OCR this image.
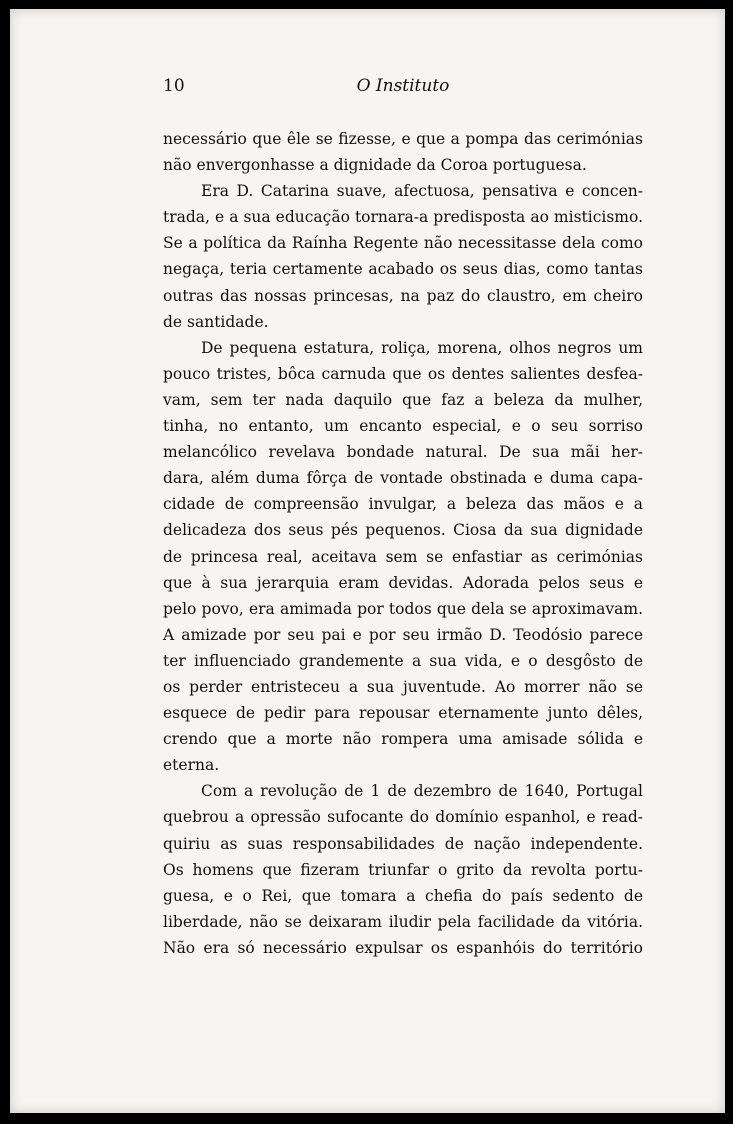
10	O Instituto
necessário que êle se fizesse, e que a pompa das cerimónias
não envergonhasse a dignidade da Coroa portuguesa.
Era D. Catarina suave, afectuosa, pensativa e concen-
trada, e a sua educação tornara-a predisposta ao misticismo.
Se a política da Raínha Regente não necessitasse dela como
negaça, teria certamente acabado os seus dias, como tantas
outras das nossas princesas, na paz do claustro, em cheiro
de santidade.
De pequena estatura, roliça, morena, olhos negros um
pouco tristes, bôca carnuda que os dentes salientes desfea-
vam, sem ter nada daquilo que faz a beleza da mulher,
tinha, no entanto, um encanto especial, e o seu sorriso
melancólico revelava bondade natural. De sua mãi her-
dara, além duma fôrça de vontade obstinada e duma capa-
cidade de compreensão invulgar, a beleza das mãos e a
delicadeza dos seus pés pequenos. Ciosa da sua dignidade
de princesa real, aceitava sem se enfastiar as cerimónias
que à sua jerarquia eram devidas. Adorada pelos seus e
pelo povo, era amimada por todos que dela se aproximavam.
A amizade por seu pai e por seu irmão D. Teodósio parece
ter influenciado grandemente a sua vida, e o desgôsto de
os perder entristeceu a sua juventude. Ao morrer não se
esquece de pedir para repousar eternamente junto dêles,
crendo que a morte não rompera uma amisade sólida e
eterna.
Com a revolução de 1 de dezembro de 1640, Portugal
quebrou a opressão sufocante do domínio espanhol, e read-
quiriu as suas responsabilidades de nação independente.
Os homens que fizeram triunfar o grito da revolta portu-
guesa, e o Rei, que tomara a chefia do país sedento de
liberdade, não se deixaram iludir pela facilidade da vitória.
Não era só necessário expulsar os espanhóis do território
